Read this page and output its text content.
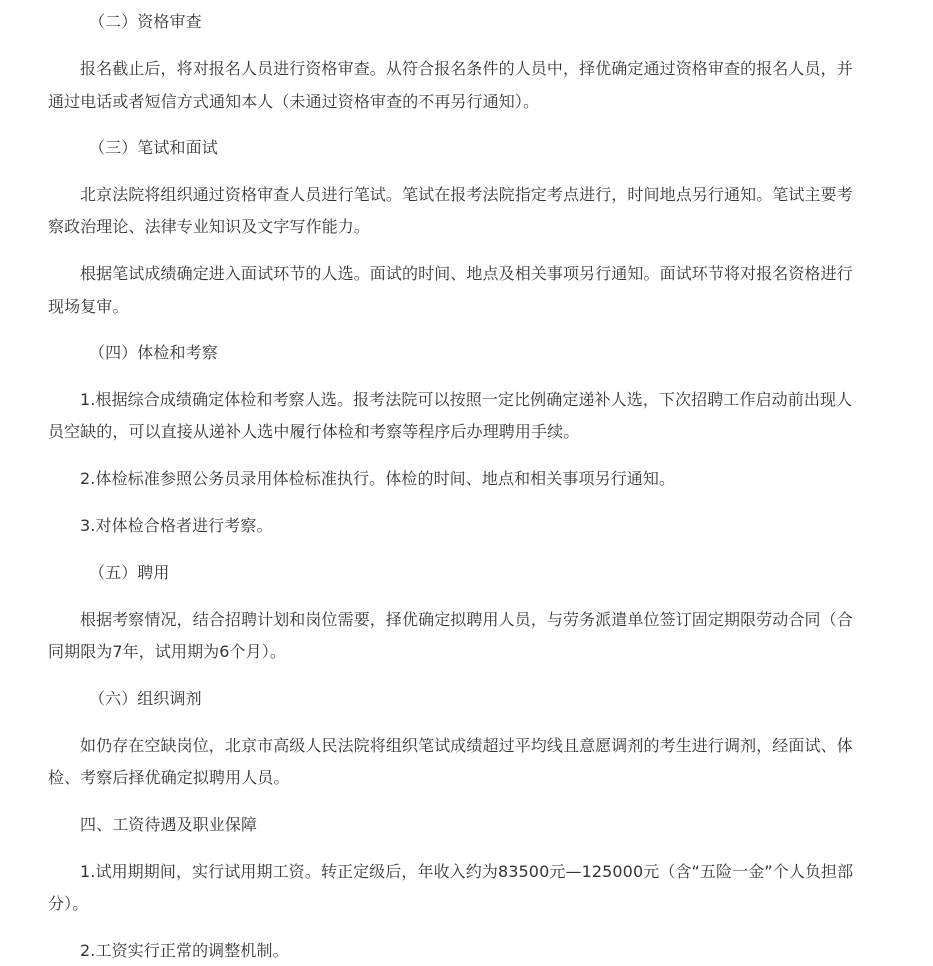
（二）资格审查
报名截止后，将对报名人员进行资格审查。从符合报名条件的人员中，择优确定通过资格审查的报名人员，并
通过电话或者短信方式通知本人（未通过资格审查的不再另行通知）。
（三）笔试和面试
北京法院将组织通过资格审查人员进行笔试。笔试在报考法院指定考点进行，时间地点另行通知。笔试主要考
察政治理论、法律专业知识及文字写作能力。
根据笔试成绩确定进入面试环节的人选。面试的时间、地点及相关事项另行通知。面试环节将对报名资格进行
现场复审。
（四）体检和考察
1.根据综合成绩确定体检和考察人选。报考法院可以按照一定比例确定递补人选，下次招聘工作启动前出现人
员空缺的，可以直接从递补人选中履行体检和考察等程序后办理聘用手续。
2.体检标准参照公务员录用体检标准执行。体检的时间、地点和相关事项另行通知。
3.对体检合格者进行考察。
（五）聘用
根据考察情况，结合招聘计划和岗位需要，择优确定拟聘用人员，与劳务派遣单位签订固定期限劳动合同（合
同期限为7年，试用期为6个月）。
（六）组织调剂
如仍存在空缺岗位，北京市高级人民法院将组织笔试成绩超过平均线且意愿调剂的考生进行调剂，经面试、体
检、考察后择优确定拟聘用人员。
四、工资待遇及职业保障
1.试用期期间，实行试用期工资。转正定级后，年收入约为83500元—125000元（含“五险一金”个人负担部
分）。
2.工资实行正常的调整机制。
